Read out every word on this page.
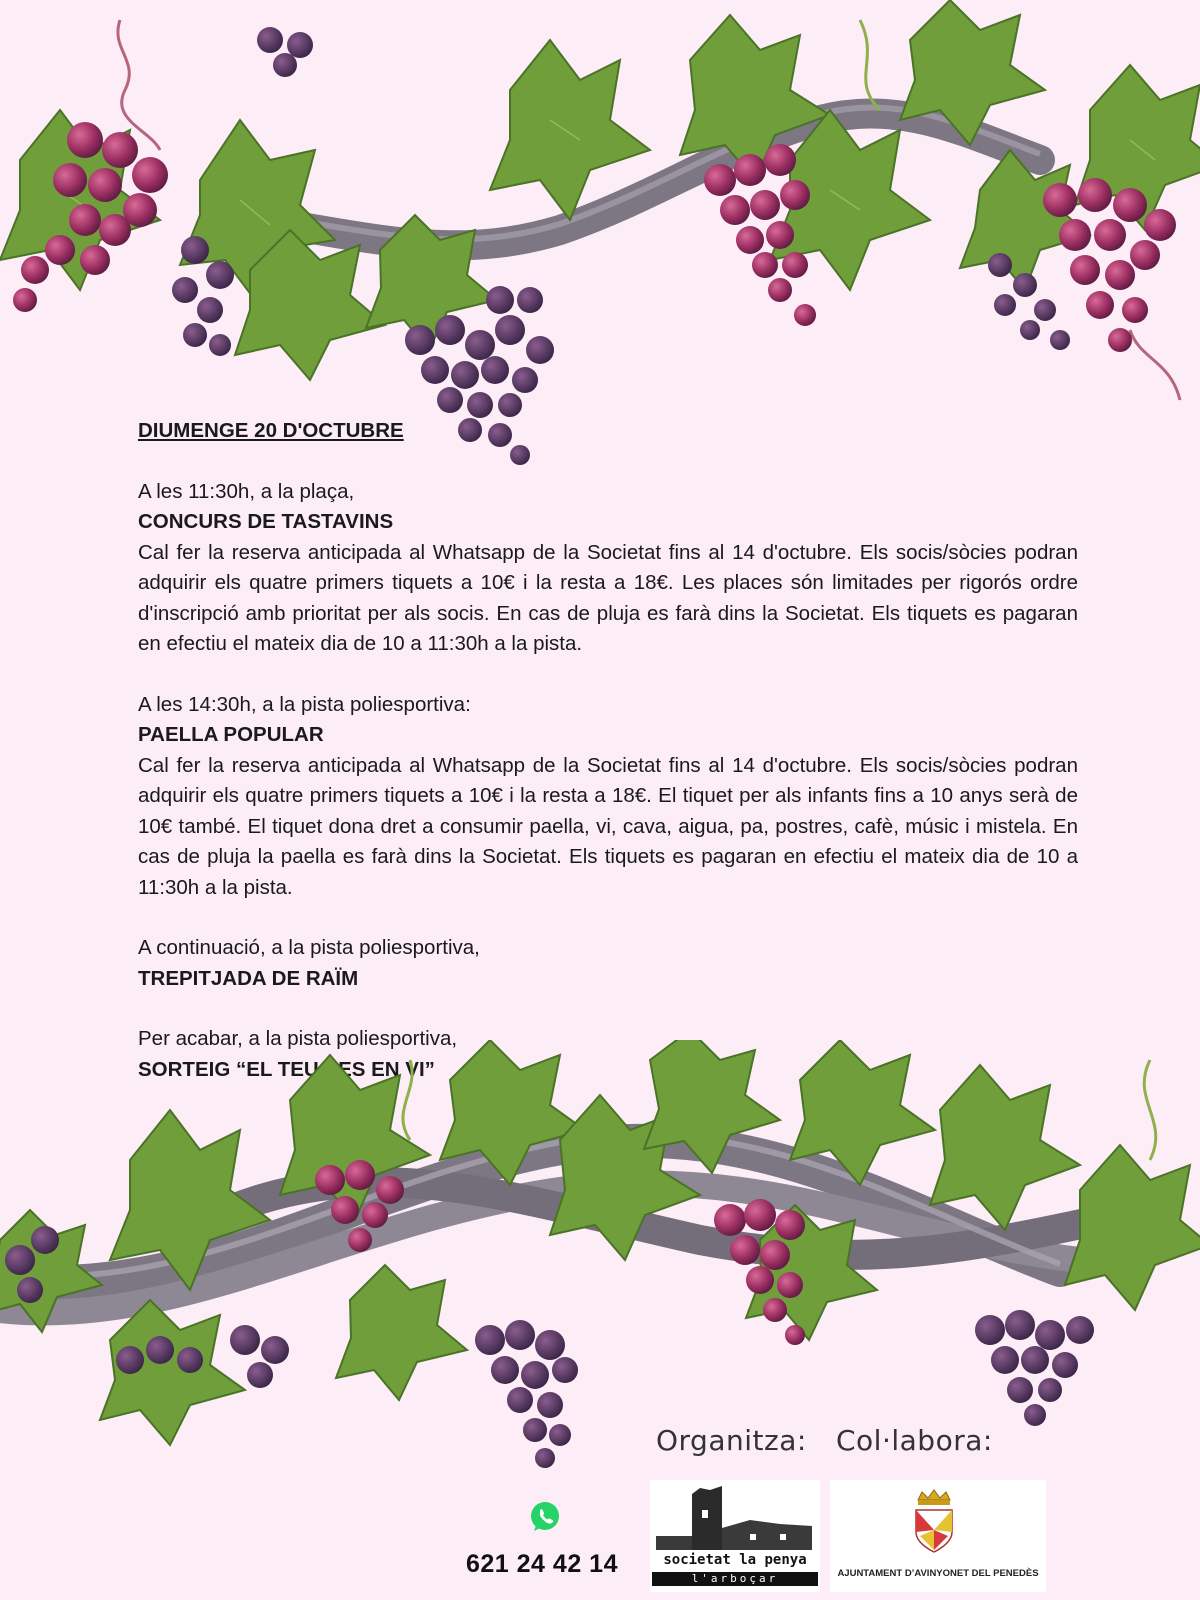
DIUMENGE 20 D'OCTUBRE
A les 11:30h, a la plaça,
CONCURS DE TASTAVINS
Cal fer la reserva anticipada al Whatsapp de la Societat fins al 14 d'octubre. Els socis/sòcies podran adquirir els quatre primers tiquets a 10€ i la resta a 18€. Les places són limitades per rigorós ordre d'inscripció amb prioritat per als socis. En cas de pluja es farà dins la Societat. Els tiquets es pagaran en efectiu el mateix dia de 10 a 11:30h a la pista.
A les 14:30h, a la pista poliesportiva:
PAELLA POPULAR
Cal fer la reserva anticipada al Whatsapp de la Societat fins al 14 d'octubre. Els socis/sòcies podran adquirir els quatre primers tiquets a 10€ i la resta a 18€. El tiquet per als infants fins a 10 anys serà de 10€ també. El tiquet dona dret a consumir paella, vi, cava, aigua, pa, postres, cafè, músic i mistela. En cas de pluja la paella es farà dins la Societat. Els tiquets es pagaran en efectiu el mateix dia de 10 a 11:30h a la pista.
A continuació, a la pista poliesportiva,
TREPITJADA DE RAÏM
Per acabar, a la pista poliesportiva,
SORTEIG “EL TEU PES EN VI”
Organitza: Col·labora:
621 24 42 14	societat la penya
l'arboçar	AJUNTAMENT D’AVINYONET DEL PENEDÈS
